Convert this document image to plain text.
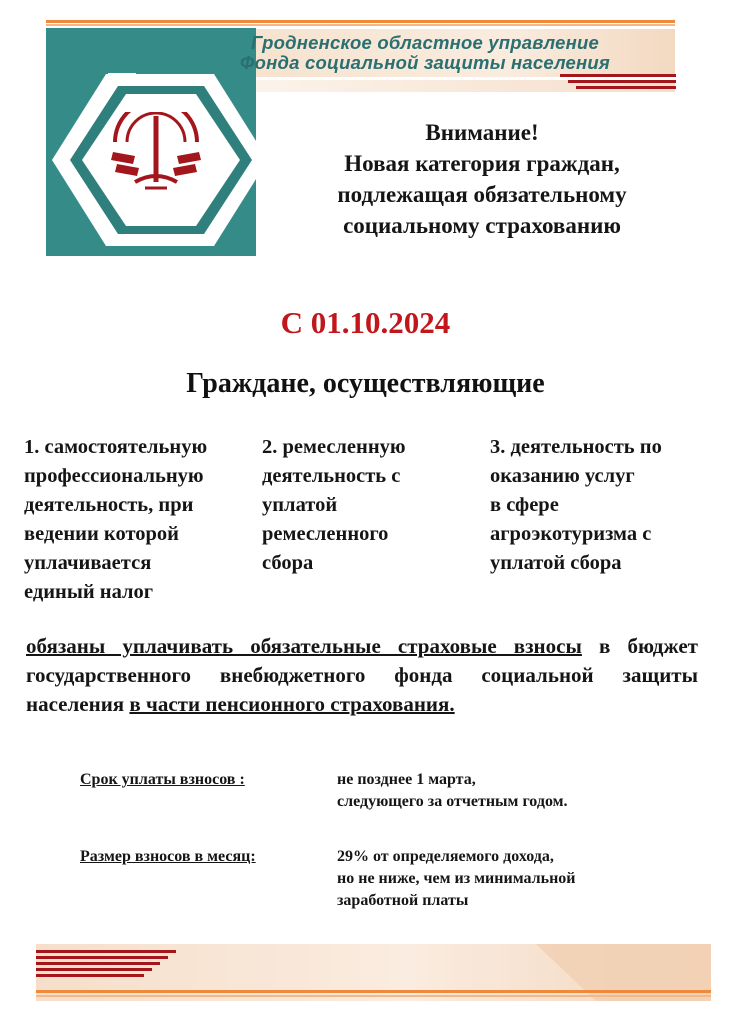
Гродненское областное управление
Фонда социальной защиты населения
Внимание!
Новая категория граждан,
подлежащая обязательному
социальному страхованию
С 01.10.2024
Граждане, осуществляющие
1. самостоятельную
профессиональную
деятельность, при
ведении которой
уплачивается
единый налог
2. ремесленную
деятельность с
уплатой
ремесленного
сбора
3. деятельность по
оказанию услуг
в сфере
агроэкотуризма с
уплатой сбора
обязаны уплачивать обязательные страховые взносы в бюджет государственного внебюджетного фонда социальной защиты населения в части пенсионного страхования.
Срок уплаты взносов :	не позднее 1 марта,
следующего за отчетным годом.
Размер взносов в месяц:	29% от определяемого дохода,
но не ниже, чем из минимальной
заработной платы
